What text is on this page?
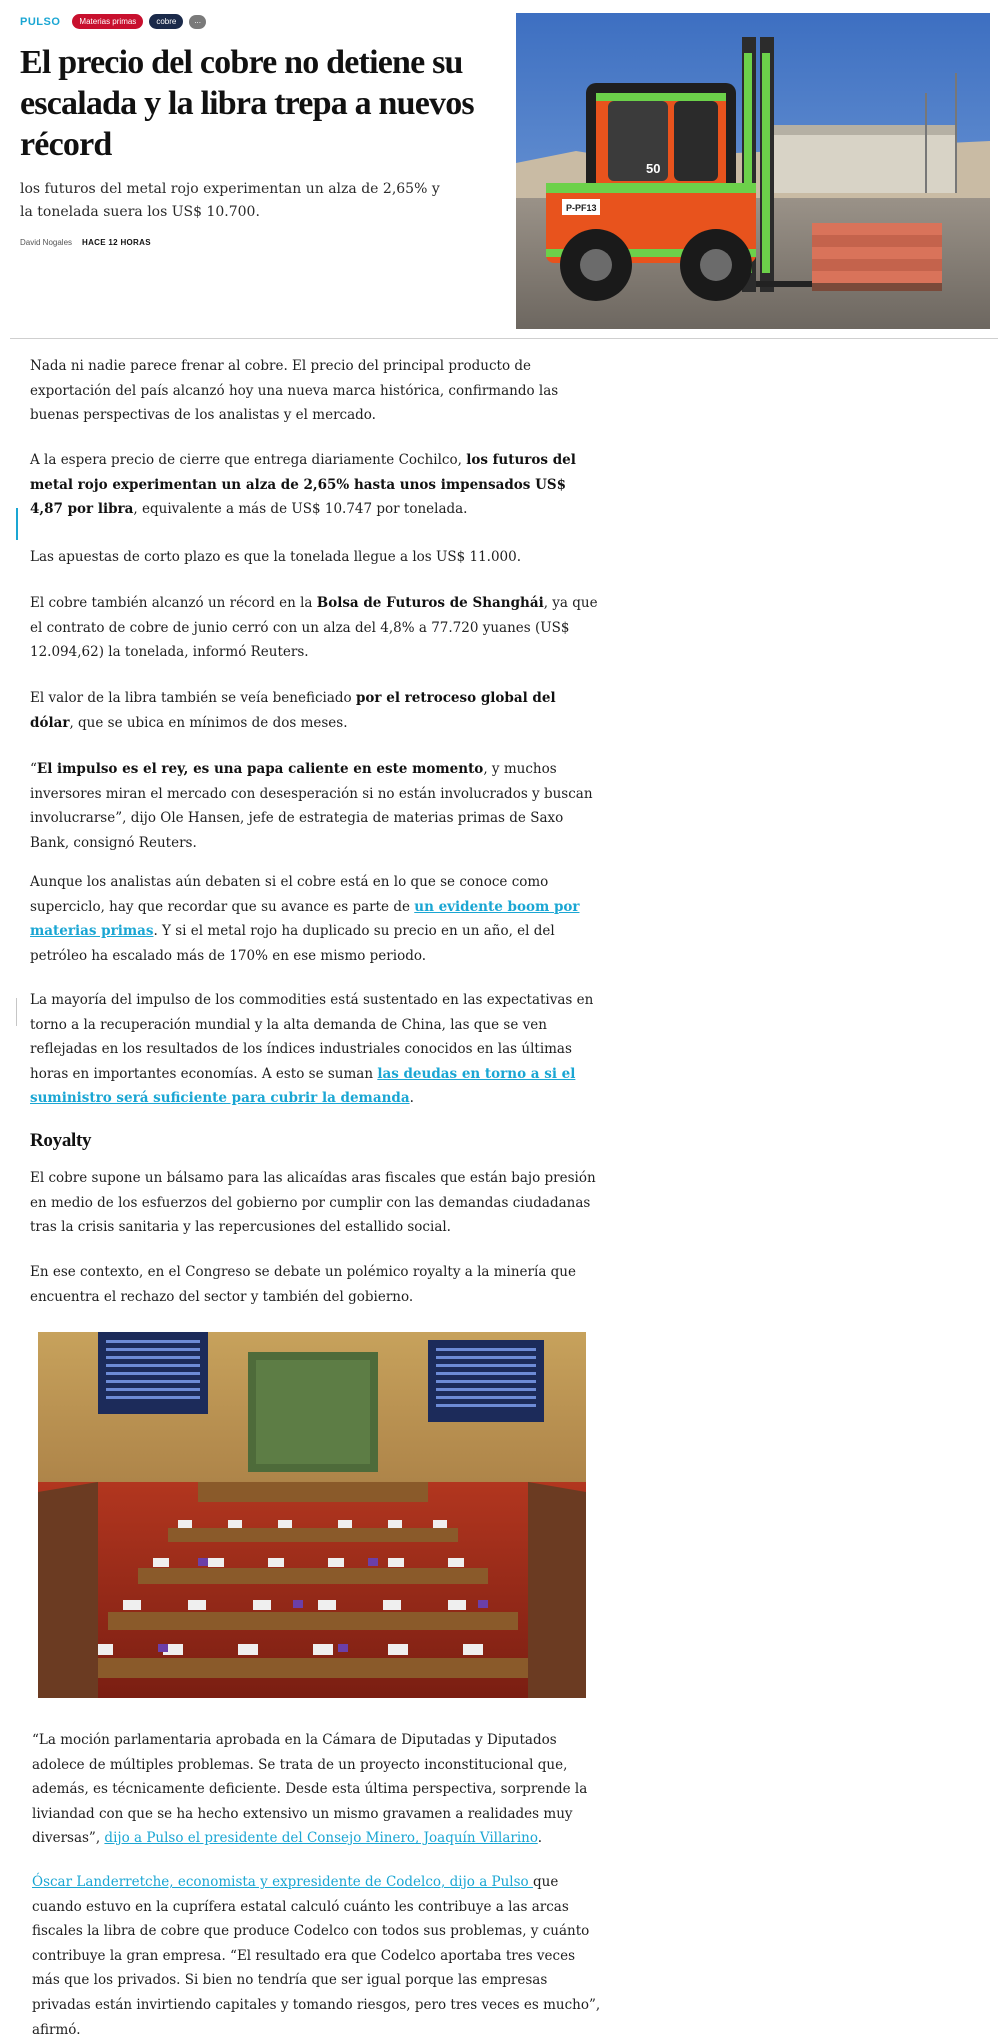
PULSO	Materias primas	cobre	...
El precio del cobre no detiene su escalada y la libra trepa a nuevos récord

los futuros del metal rojo experimentan un alza de 2,65% y la tonelada suera los US$ 10.700.

David Nogales HACE 12 HORAS
P-PF13
50

Nada ni nadie parece frenar al cobre. El precio del principal producto de exportación del país alcanzó hoy una nueva marca histórica, confirmando las buenas perspectivas de los analistas y el mercado.

A la espera precio de cierre que entrega diariamente Cochilco, los futuros del metal rojo experimentan un alza de 2,65% hasta unos impensados US$ 4,87 por libra, equivalente a más de US$ 10.747 por tonelada.

Las apuestas de corto plazo es que la tonelada llegue a los US$ 11.000.

El cobre también alcanzó un récord en la Bolsa de Futuros de Shanghái, ya que el contrato de cobre de junio cerró con un alza del 4,8% a 77.720 yuanes (US$ 12.094,62) la tonelada, informó Reuters.

El valor de la libra también se veía beneficiado por el retroceso global del dólar, que se ubica en mínimos de dos meses.

“El impulso es el rey, es una papa caliente en este momento, y muchos inversores miran el mercado con desesperación si no están involucrados y buscan involucrarse”, dijo Ole Hansen, jefe de estrategia de materias primas de Saxo Bank, consignó Reuters.

Aunque los analistas aún debaten si el cobre está en lo que se conoce como superciclo, hay que recordar que su avance es parte de un evidente boom por materias primas. Y si el metal rojo ha duplicado su precio en un año, el del petróleo ha escalado más de 170% en ese mismo periodo.

La mayoría del impulso de los commodities está sustentado en las expectativas en torno a la recuperación mundial y la alta demanda de China, las que se ven reflejadas en los resultados de los índices industriales conocidos en las últimas horas en importantes economías. A esto se suman las deudas en torno a si el suministro será suficiente para cubrir la demanda.

Royalty

El cobre supone un bálsamo para las alicaídas aras fiscales que están bajo presión en medio de los esfuerzos del gobierno por cumplir con las demandas ciudadanas tras la crisis sanitaria y las repercusiones del estallido social.

En ese contexto, en el Congreso se debate un polémico royalty a la minería que encuentra el rechazo del sector y también del gobierno.

“La moción parlamentaria aprobada en la Cámara de Diputadas y Diputados adolece de múltiples problemas. Se trata de un proyecto inconstitucional que, además, es técnicamente deficiente. Desde esta última perspectiva, sorprende la liviandad con que se ha hecho extensivo un mismo gravamen a realidades muy diversas”, dijo a Pulso el presidente del Consejo Minero, Joaquín Villarino.

Óscar Landerretche, economista y expresidente de Codelco, dijo a Pulso que cuando estuvo en la cuprífera estatal calculó cuánto les contribuye a las arcas fiscales la libra de cobre que produce Codelco con todos sus problemas, y cuánto contribuye la gran empresa. “El resultado era que Codelco aportaba tres veces más que los privados. Si bien no tendría que ser igual porque las empresas privadas están invirtiendo capitales y tomando riesgos, pero tres veces es mucho”, afirmó.
